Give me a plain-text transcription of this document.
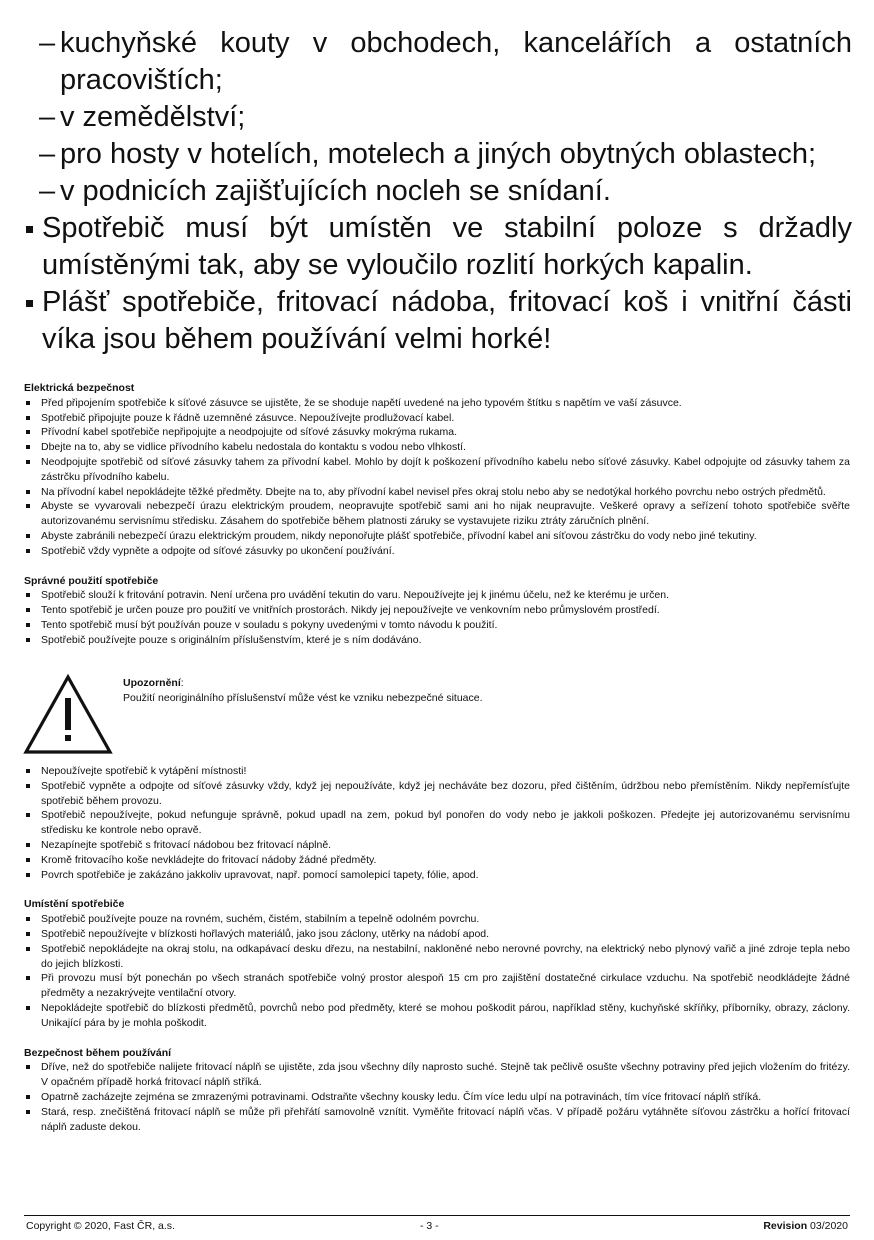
– kuchyňské kouty v obchodech, kancelářích a ostatních pracovištích;
– v zemědělství;
– pro hosty v hotelích, motelech a jiných obytných oblastech;
– v podnicích zajišťujících nocleh se snídaní.
Spotřebič musí být umístěn ve stabilní poloze s držadly umístěnými tak, aby se vyloučilo rozlití horkých kapalin.
Plášť spotřebiče, fritovací nádoba, fritovací koš i vnitřní části víka jsou během používání velmi horké!
Elektrická bezpečnost
Před připojením spotřebiče k síťové zásuvce se ujistěte, že se shoduje napětí uvedené na jeho typovém štítku s napětím ve vaší zásuvce.
Spotřebič připojujte pouze k řádně uzemněné zásuvce. Nepoužívejte prodlužovací kabel.
Přívodní kabel spotřebiče nepřipojujte a neodpojujte od síťové zásuvky mokrýma rukama.
Dbejte na to, aby se vidlice přívodního kabelu nedostala do kontaktu s vodou nebo vlhkostí.
Neodpojujte spotřebič od síťové zásuvky tahem za přívodní kabel. Mohlo by dojít k poškození přívodního kabelu nebo síťové zásuvky. Kabel odpojujte od zásuvky tahem za zástrčku přívodního kabelu.
Na přívodní kabel nepokládejte těžké předměty. Dbejte na to, aby přívodní kabel nevisel přes okraj stolu nebo aby se nedotýkal horkého povrchu nebo ostrých předmětů.
Abyste se vyvarovali nebezpečí úrazu elektrickým proudem, neopravujte spotřebič sami ani ho nijak neupravujte. Veškeré opravy a seřízení tohoto spotřebiče svěřte autorizovanému servisnímu středisku. Zásahem do spotřebiče během platnosti záruky se vystavujete riziku ztráty záručních plnění.
Abyste zabránili nebezpečí úrazu elektrickým proudem, nikdy neponořujte plášť spotřebiče, přívodní kabel ani síťovou zástrčku do vody nebo jiné tekutiny.
Spotřebič vždy vypněte a odpojte od síťové zásuvky po ukončení používání.
Správné použití spotřebiče
Spotřebič slouží k fritování potravin. Není určena pro uvádění tekutin do varu. Nepoužívejte jej k jinému účelu, než ke kterému je určen.
Tento spotřebič je určen pouze pro použití ve vnitřních prostorách. Nikdy jej nepoužívejte ve venkovním nebo průmyslovém prostředí.
Tento spotřebič musí být používán pouze v souladu s pokyny uvedenými v tomto návodu k použití.
Spotřebič používejte pouze s originálním příslušenstvím, které je s ním dodáváno.
Upozornění:
Použití neoriginálního příslušenství může vést ke vzniku nebezpečné situace.
Nepoužívejte spotřebič k vytápění místnosti!
Spotřebič vypněte a odpojte od síťové zásuvky vždy, když jej nepoužíváte, když jej necháváte bez dozoru, před čištěním, údržbou nebo přemístěním. Nikdy nepřemísťujte spotřebič během provozu.
Spotřebič nepoužívejte, pokud nefunguje správně, pokud upadl na zem, pokud byl ponořen do vody nebo je jakkoli poškozen. Předejte jej autorizovanému servisnímu středisku ke kontrole nebo opravě.
Nezapínejte spotřebič s fritovací nádobou bez fritovací náplně.
Kromě fritovacího koše nevkládejte do fritovací nádoby žádné předměty.
Povrch spotřebiče je zakázáno jakkoliv upravovat, např. pomocí samolepicí tapety, fólie, apod.
Umístění spotřebiče
Spotřebič používejte pouze na rovném, suchém, čistém, stabilním a tepelně odolném povrchu.
Spotřebič nepoužívejte v blízkosti hořlavých materiálů, jako jsou záclony, utěrky na nádobí apod.
Spotřebič nepokládejte na okraj stolu, na odkapávací desku dřezu, na nestabilní, nakloněné nebo nerovné povrchy, na elektrický nebo plynový vařič a jiné zdroje tepla nebo do jejich blízkosti.
Při provozu musí být ponechán po všech stranách spotřebiče volný prostor alespoň 15 cm pro zajištění dostatečné cirkulace vzduchu. Na spotřebič neodkládejte žádné předměty a nezakrývejte ventilační otvory.
Nepokládejte spotřebič do blízkosti předmětů, povrchů nebo pod předměty, které se mohou poškodit párou, například stěny, kuchyňské skříňky, příborníky, obrazy, záclony. Unikající pára by je mohla poškodit.
Bezpečnost během používání
Dříve, než do spotřebiče nalijete fritovací náplň se ujistěte, zda jsou všechny díly naprosto suché. Stejně tak pečlivě osušte všechny potraviny před jejich vložením do fritézy. V opačném případě horká fritovací náplň stříká.
Opatrně zacházejte zejména se zmrazenými potravinami. Odstraňte všechny kousky ledu. Čím více ledu ulpí na potravinách, tím více fritovací náplň stříká.
Stará, resp. znečištěná fritovací náplň se může při přehřátí samovolně vznítit. Vyměňte fritovací náplň včas. V případě požáru vytáhněte síťovou zástrčku a hořící fritovací náplň zaduste dekou.
Copyright © 2020, Fast ČR, a.s.	- 3 -	Revision 03/2020
